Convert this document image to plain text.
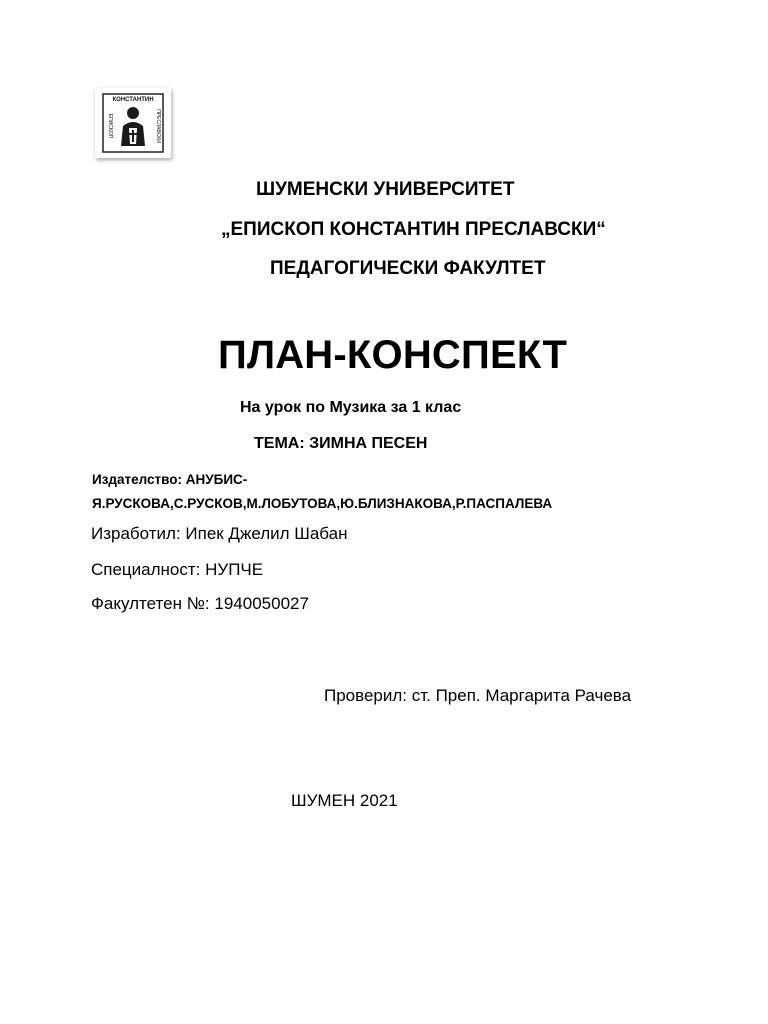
КОНСТАНТИН
ЕПИСКОП	ПРЕСЛАВСКИ
ШУМЕНСКИ УНИВЕРСИТЕТ
„ЕПИСКОП КОНСТАНТИН ПРЕСЛАВСКИ“
ПЕДАГОГИЧЕСКИ ФАКУЛТЕТ
ПЛАН-КОНСПЕКТ
На урок по Музика за 1 клас
ТЕМА: ЗИМНА ПЕСЕН
Издателство: АНУБИС-
Я.РУСКОВА,С.РУСКОВ,М.ЛОБУТОВА,Ю.БЛИЗНАКОВА,Р.ПАСПАЛЕВА
Изработил: Ипек Джелил Шабан
Специалност: НУПЧЕ
Факултетен №: 1940050027
Проверил: ст. Преп. Маргарита Рачева
ШУМЕН 2021
